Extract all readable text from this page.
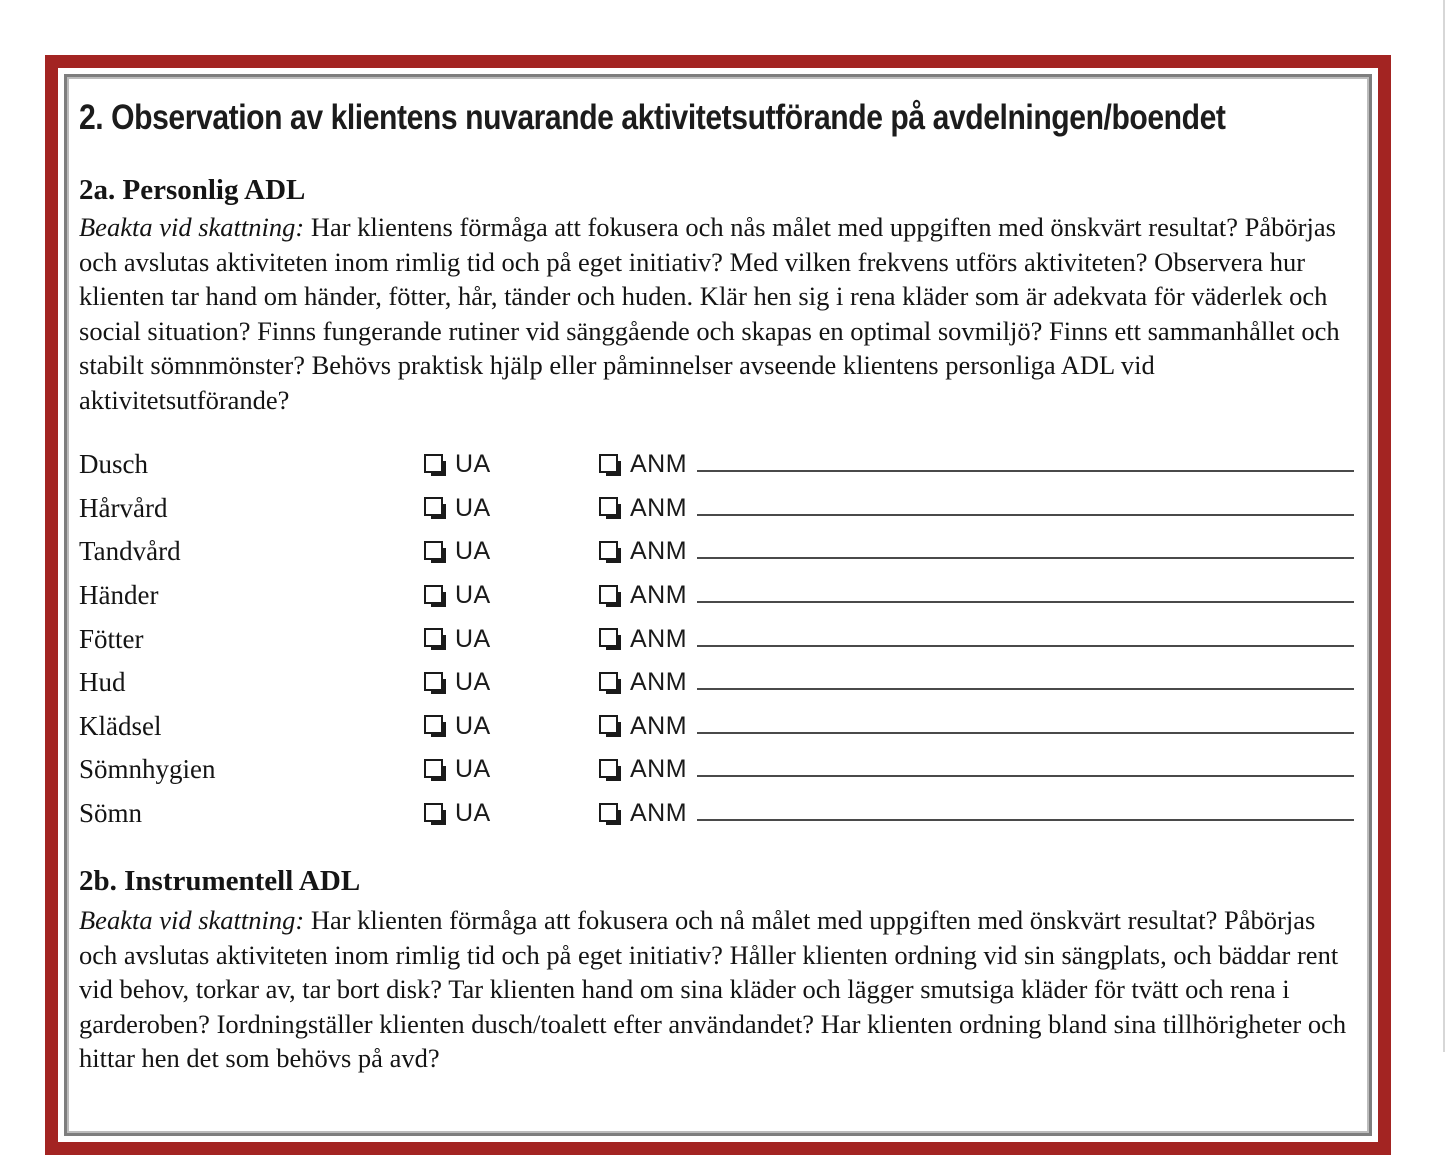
2. Observation av klientens nuvarande aktivitetsutförande på avdelningen/boendet
2a. Personlig ADL

Beakta vid skattning: Har klientens förmåga att fokusera och nås målet med uppgiften med önskvärt resultat? Påbörjas och avslutas aktiviteten inom rimlig tid och på eget initiativ? Med vilken frekvens utförs aktiviteten? Observera hur klienten tar hand om händer, fötter, hår, tänder och huden. Klär hen sig i rena kläder som är adekvata för väderlek och social situation? Finns fungerande rutiner vid sänggående och skapas en optimal sovmiljö? Finns ett sammanhållet och stabilt sömnmönster? Behövs praktisk hjälp eller påminnelser avseende klientens personliga ADL vid aktivitetsutförande?

Dusch	UA	ANM
Hårvård	UA	ANM
Tandvård	UA	ANM
Händer	UA	ANM
Fötter	UA	ANM
Hud	UA	ANM
Klädsel	UA	ANM
Sömnhygien	UA	ANM
Sömn	UA	ANM
2b. Instrumentell ADL

Beakta vid skattning: Har klienten förmåga att fokusera och nå målet med uppgiften med önskvärt resultat? Påbörjas och avslutas aktiviteten inom rimlig tid och på eget initiativ? Håller klienten ordning vid sin sängplats, och bäddar rent vid behov, torkar av, tar bort disk? Tar klienten hand om sina kläder och lägger smutsiga kläder för tvätt och rena i garderoben? Iordningställer klienten dusch/toalett efter användandet? Har klienten ordning bland sina tillhörigheter och hittar hen det som behövs på avd?
